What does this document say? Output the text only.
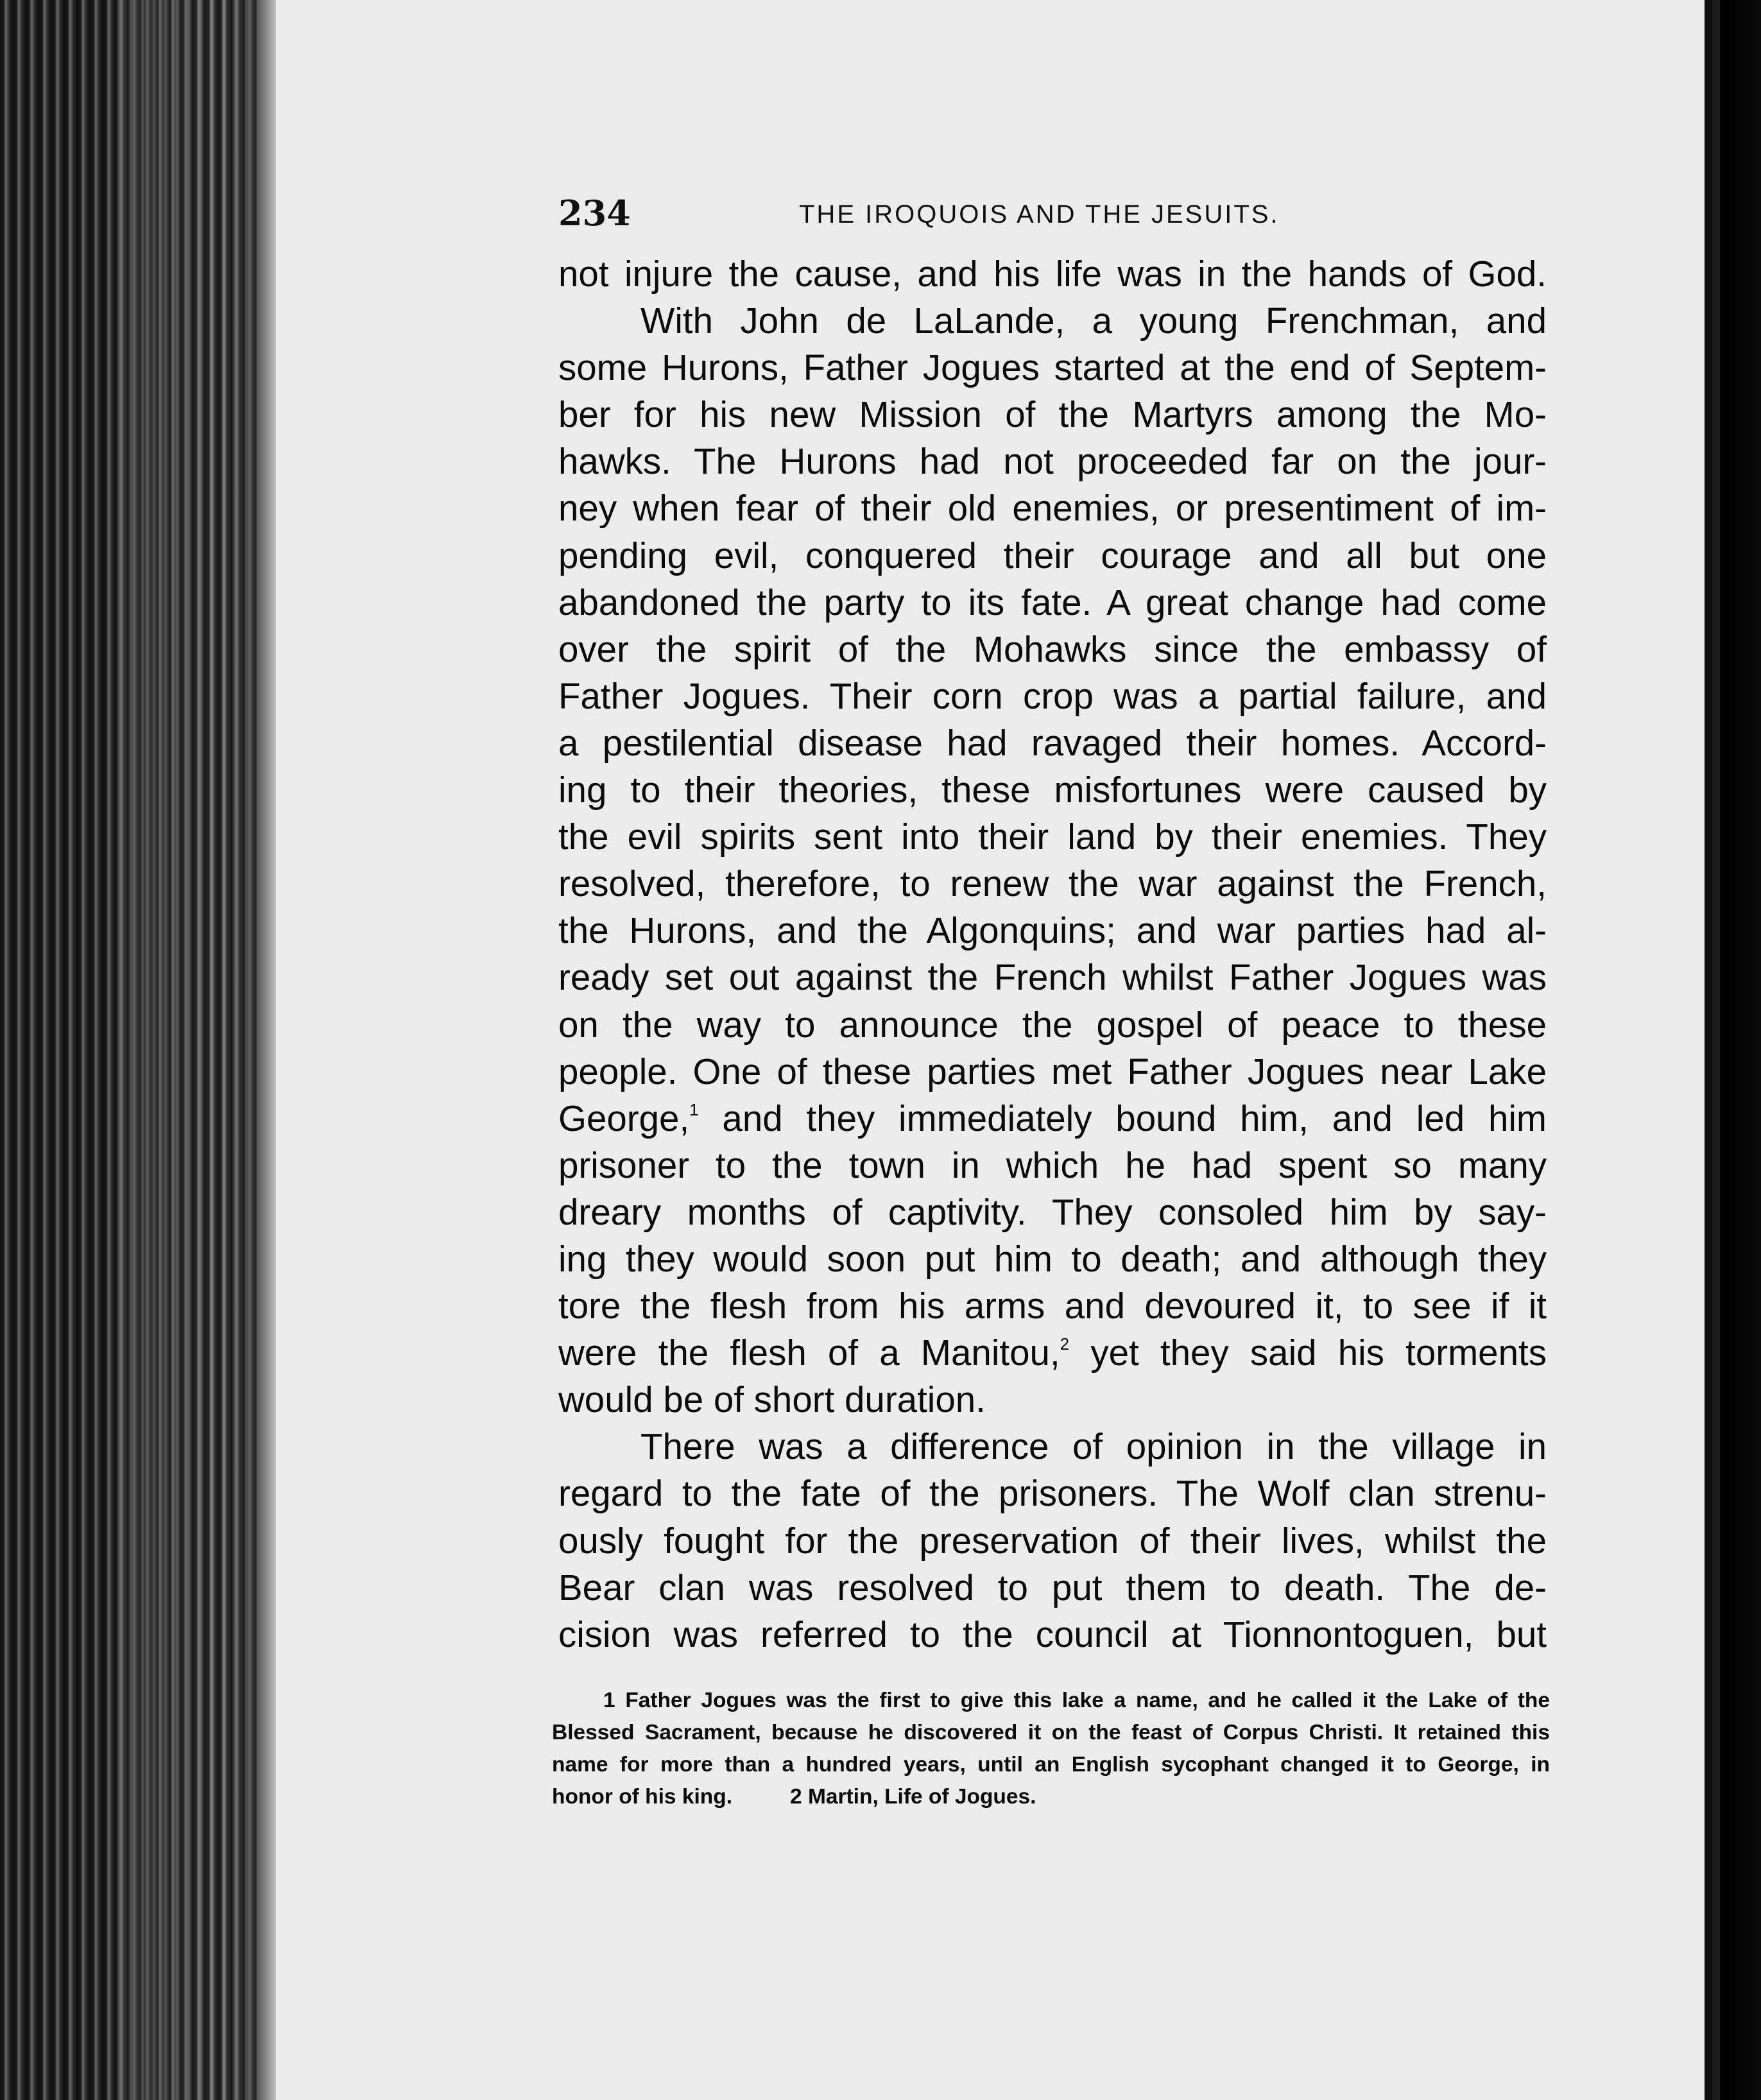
234	THE IROQUOIS AND THE JESUITS.
not injure the cause, and his life was in the hands of God.
With John de LaLande, a young Frenchman, and
some Hurons, Father Jogues started at the end of Septem-
ber for his new Mission of the Martyrs among the Mo-
hawks. The Hurons had not proceeded far on the jour-
ney when fear of their old enemies, or presentiment of im-
pending evil, conquered their courage and all but one
abandoned the party to its fate. A great change had come
over the spirit of the Mohawks since the embassy of
Father Jogues. Their corn crop was a partial failure, and
a pestilential disease had ravaged their homes. Accord-
ing to their theories, these misfortunes were caused by
the evil spirits sent into their land by their enemies. They
resolved, therefore, to renew the war against the French,
the Hurons, and the Algonquins; and war parties had al-
ready set out against the French whilst Father Jogues was
on the way to announce the gospel of peace to these
people. One of these parties met Father Jogues near Lake
George,$^1$ and they immediately bound him, and led him
prisoner to the town in which he had spent so many
dreary months of captivity. They consoled him by say-
ing they would soon put him to death; and although they
tore the flesh from his arms and devoured it, to see if it
were the flesh of a Manitou,$^2$ yet they said his torments
would be of short duration.
There was a difference of opinion in the village in
regard to the fate of the prisoners. The Wolf clan strenu-
ously fought for the preservation of their lives, whilst the
Bear clan was resolved to put them to death. The de-
cision was referred to the council at Tionnontoguen, but
1 Father Jogues was the first to give this lake a name, and he called it the Lake of the
Blessed Sacrament, because he discovered it on the feast of Corpus Christi. It retained this
name for more than a hundred years, until an English sycophant changed it to George, in
honor of his king.	2 Martin, Life of Jogues.
